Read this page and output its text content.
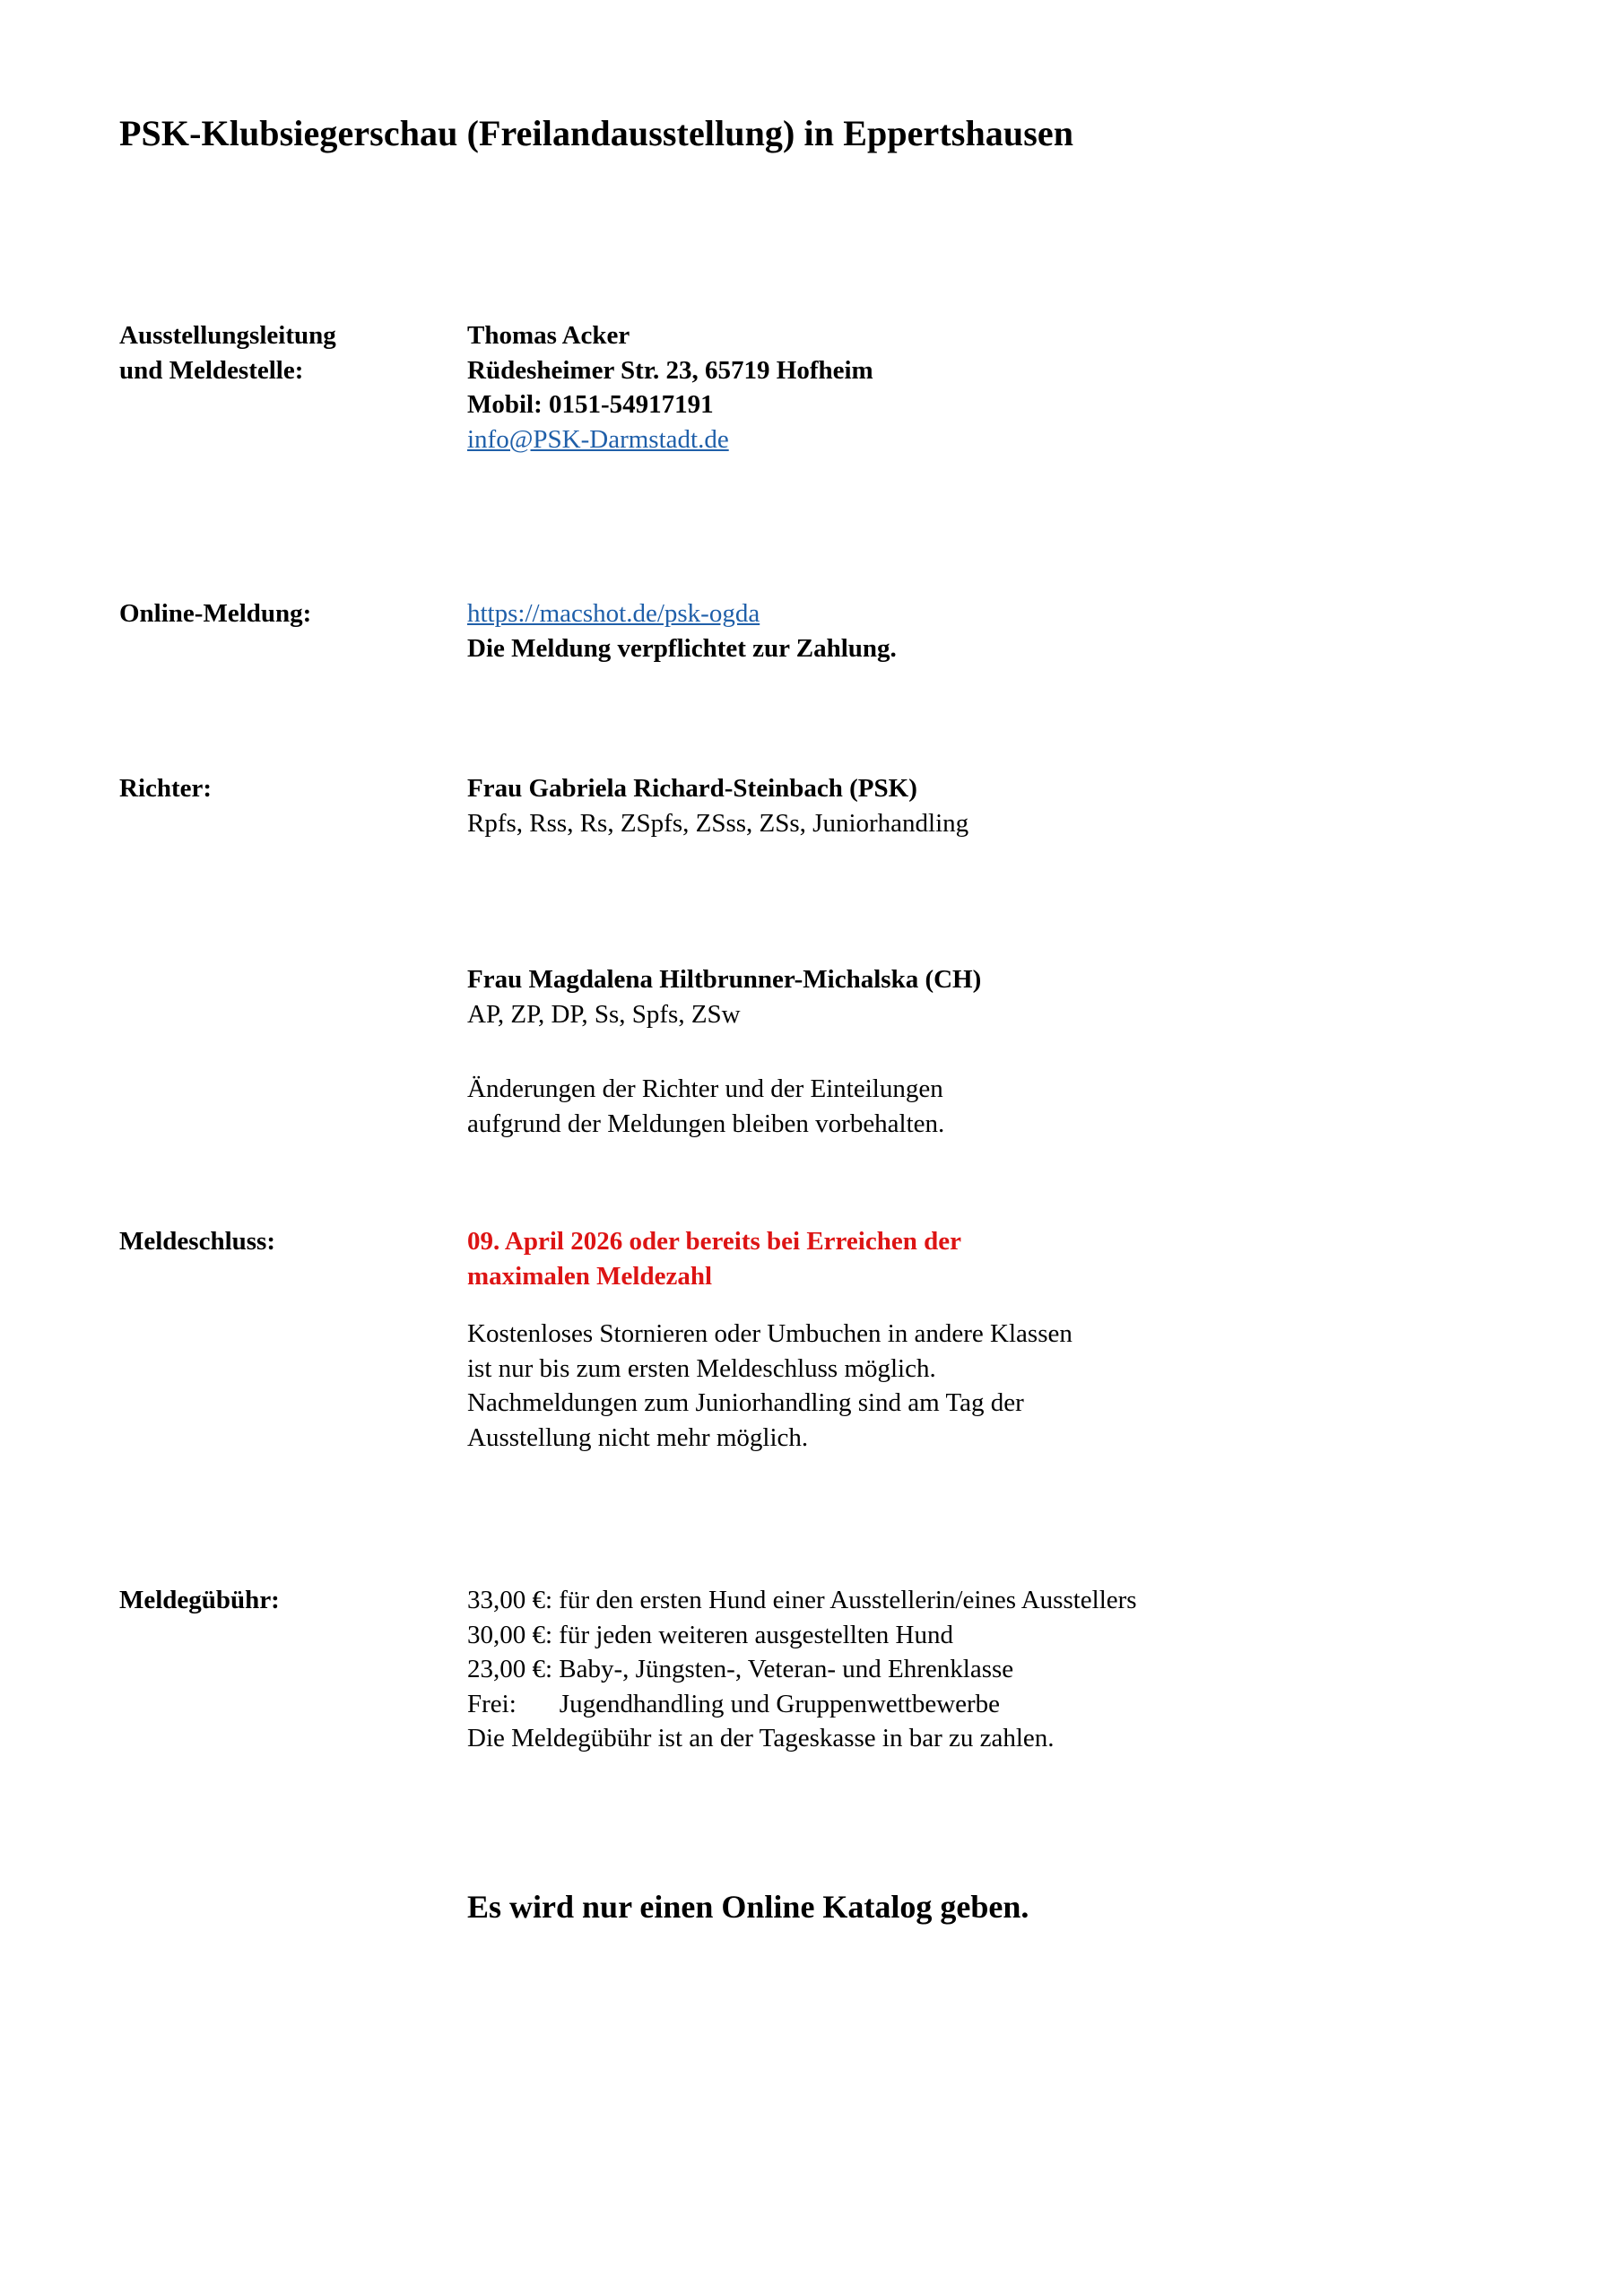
PSK-Klubsiegerschau (Freilandausstellung) in Eppertshausen
Ausstellungsleitung
und Meldestelle:
Thomas Acker
Rüdesheimer Str. 23, 65719 Hofheim
Mobil: 0151-54917191
info@PSK-Darmstadt.de
Online-Meldung:	https://macshot.de/psk-ogda
Die Meldung verpflichtet zur Zahlung.
Richter:	Frau Gabriela Richard-Steinbach (PSK)
Rpfs, Rss, Rs, ZSpfs, ZSss, ZSs, Juniorhandling
Frau Magdalena Hiltbrunner-Michalska (CH)
AP, ZP, DP, Ss, Spfs, ZSw
Änderungen der Richter und der Einteilungen
aufgrund der Meldungen bleiben vorbehalten.
Meldeschluss:	09. April 2026 oder bereits bei Erreichen der
maximalen Meldezahl
Kostenloses Stornieren oder Umbuchen in andere Klassen
ist nur bis zum ersten Meldeschluss möglich.
Nachmeldungen zum Juniorhandling sind am Tag der
Ausstellung nicht mehr möglich.
Meldegübühr:	33,00 €: für den ersten Hund einer Ausstellerin/eines Ausstellers
30,00 €: für jeden weiteren ausgestellten Hund
23,00 €: Baby-, Jüngsten-, Veteran- und Ehrenklasse
Frei: Jugendhandling und Gruppenwettbewerbe
Die Meldegübühr ist an der Tageskasse in bar zu zahlen.
Es wird nur einen Online Katalog geben.
